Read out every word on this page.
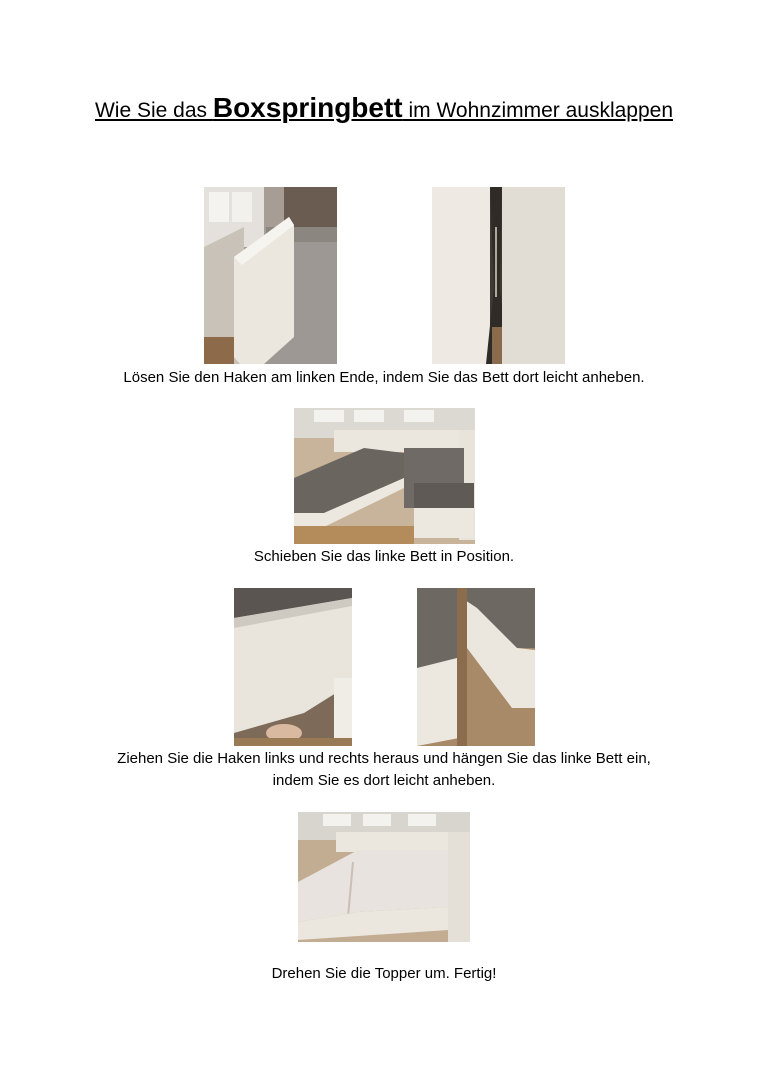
Wie Sie das Boxspringbett im Wohnzimmer ausklappen
Lösen Sie den Haken am linken Ende, indem Sie das Bett dort leicht anheben.
Schieben Sie das linke Bett in Position.
Ziehen Sie die Haken links und rechts heraus und hängen Sie das linke Bett ein,
indem Sie es dort leicht anheben.
Drehen Sie die Topper um. Fertig!
